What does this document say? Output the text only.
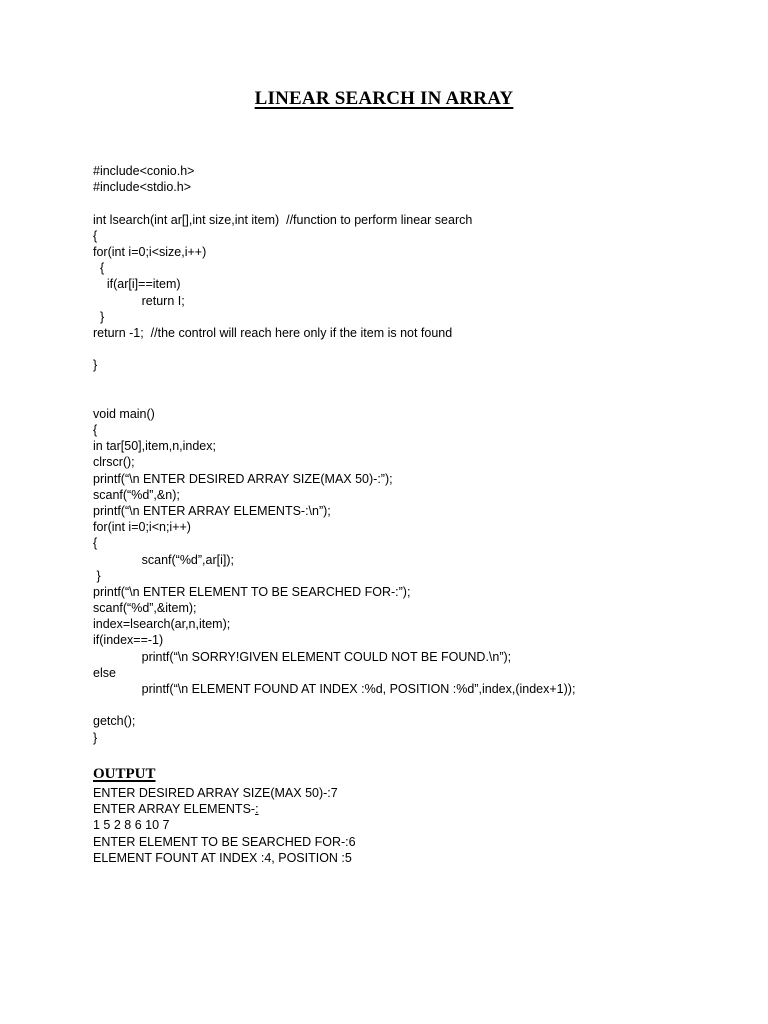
LINEAR SEARCH IN ARRAY
#include<conio.h>
#include<stdio.h>
int lsearch(int ar[],int size,int item)  //function to perform linear search
{
for(int i=0;i<size,i++)
{
if(ar[i]==item)
return I;
}
return -1;  //the control will reach here only if the item is not found
}
void main()
{
in tar[50],item,n,index;
clrscr();
printf(“\n ENTER DESIRED ARRAY SIZE(MAX 50)-:”);
scanf(“%d”,&n);
printf(“\n ENTER ARRAY ELEMENTS-:\n”);
for(int i=0;i<n;i++)
{
scanf(“%d”,ar[i]);
}
printf(“\n ENTER ELEMENT TO BE SEARCHED FOR-:”);
scanf(“%d”,&item);
index=lsearch(ar,n,item);
if(index==-1)
printf(“\n SORRY!GIVEN ELEMENT COULD NOT BE FOUND.\n”);
else
printf(“\n ELEMENT FOUND AT INDEX :%d, POSITION :%d”,index,(index+1));
getch();
}
OUTPUT
ENTER DESIRED ARRAY SIZE(MAX 50)-:7
ENTER ARRAY ELEMENTS-:
1 5 2 8 6 10 7
ENTER ELEMENT TO BE SEARCHED FOR-:6
ELEMENT FOUNT AT INDEX :4, POSITION :5
